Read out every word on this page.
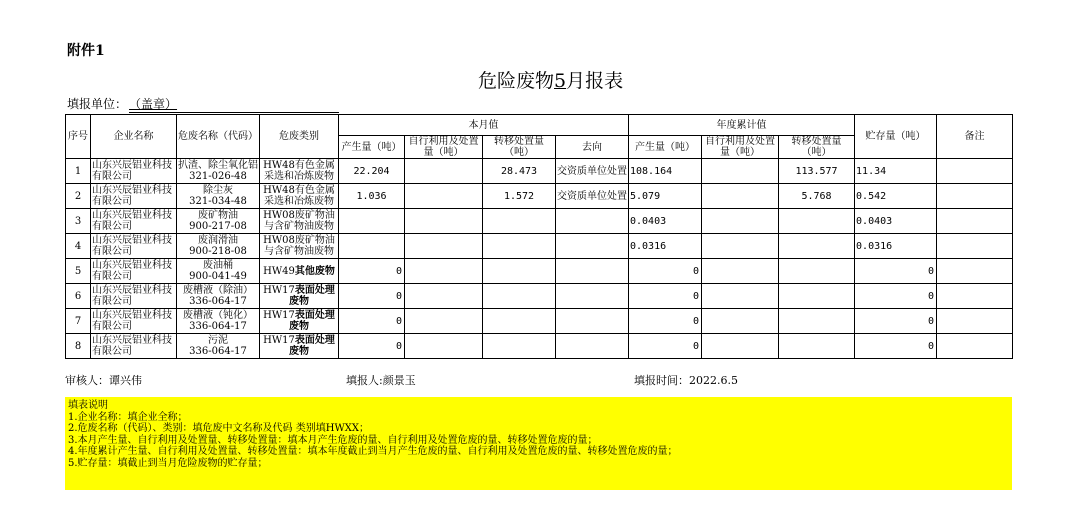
附件1
危险废物5月报表
填报单位： （盖章）
序号	企业名称	危废名称（代码）	危废类别	本月值				年度累计值			贮存量（吨）	备注
				产生量（吨）	自行利用及处置量（吨）	转移处置量（吨）	去向	产生量（吨）	自行利用及处置量（吨）	转移处置量（吨）		
1	山东兴辰铝业科技有限公司	扒渣、除尘氧化铝
321-026-48	HW48有色金属采选和冶炼废物	22.204		28.473	交资质单位处置	108.164		113.577	11.34	
2	山东兴辰铝业科技有限公司	除尘灰
321-034-48	HW48有色金属采选和冶炼废物	1.036		1.572	交资质单位处置	5.079		5.768	0.542	
3	山东兴辰铝业科技有限公司	废矿物油
900-217-08	HW08废矿物油与含矿物油废物					0.0403			0.0403	
4	山东兴辰铝业科技有限公司	废润滑油
900-218-08	HW08废矿物油与含矿物油废物					0.0316			0.0316	
5	山东兴辰铝业科技有限公司	废油桶
900-041-49	HW49其他废物	0				0			0	
6	山东兴辰铝业科技有限公司	废槽液（除油）
336-064-17	HW17表面处理废物	0				0			0	
7	山东兴辰铝业科技有限公司	废槽液（钝化）
336-064-17	HW17表面处理废物	0				0			0	
8	山东兴辰铝业科技有限公司	污泥
336-064-17	HW17表面处理废物	0				0			0	
审核人：谭兴伟	填报人:颜景玉	填报时间：2022.6.5
填表说明
1.企业名称：填企业全称；
2.危废名称（代码）、类别：填危废中文名称及代码 类别填HWXX；
3.本月产生量、自行利用及处置量、转移处置量：填本月产生危废的量、自行利用及处置危废的量、转移处置危废的量；
4.年度累计产生量、自行利用及处置量、转移处置量：填本年度截止到当月产生危废的量、自行利用及处置危废的量、转移处置危废的量；
5.贮存量：填截止到当月危险废物的贮存量；
